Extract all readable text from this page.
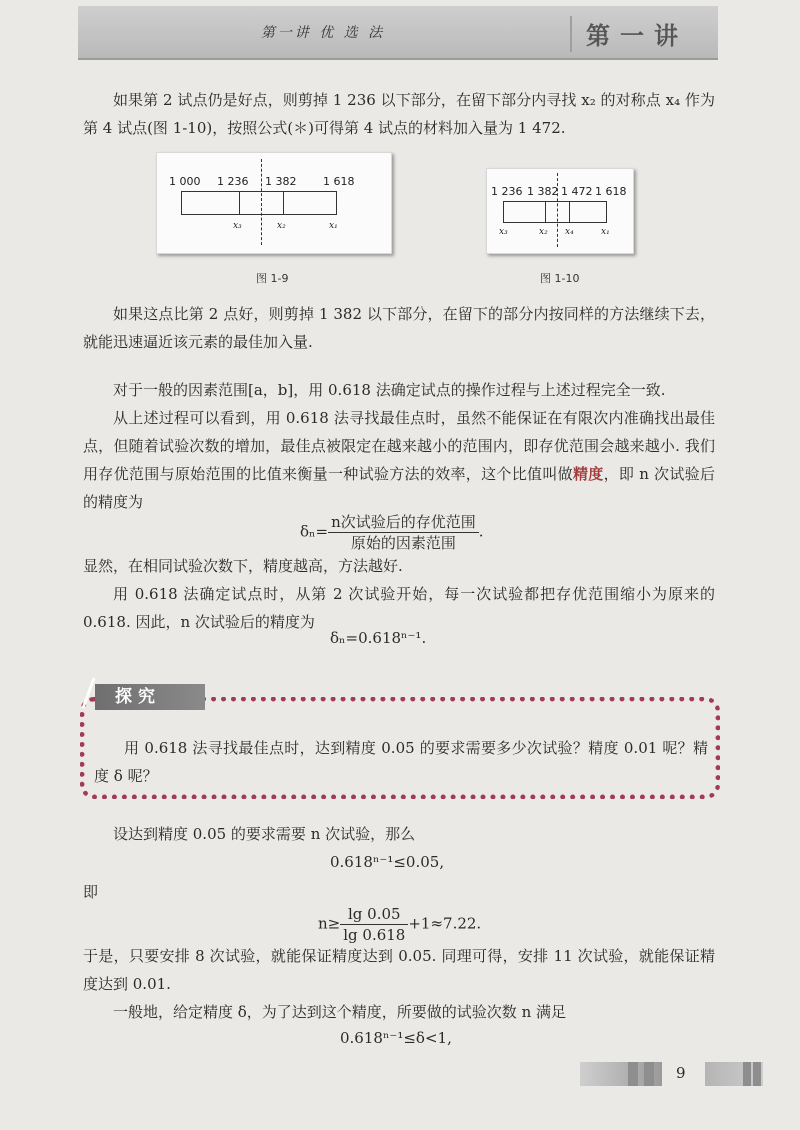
第一讲 优 选 法	第一讲

如果第 2 试点仍是好点，则剪掉 1 236 以下部分，在留下部分内寻找 x₂ 的对称点 x₄ 作为第 4 试点(图 1-10)，按照公式(＊)可得第 4 试点的材料加入量为 1 472.

1 000 1 236 1 382 1 618
x₃	x₂	x₁
图 1-9
1 236 1 382 1 472 1 618
x₃	x₂ x₄	x₁
图 1-10

如果这点比第 2 点好，则剪掉 1 382 以下部分，在留下的部分内按同样的方法继续下去，就能迅速逼近该元素的最佳加入量.

对于一般的因素范围[a，b]，用 0.618 法确定试点的操作过程与上述过程完全一致.

从上述过程可以看到，用 0.618 法寻找最佳点时，虽然不能保证在有限次内准确找出最佳点，但随着试验次数的增加，最佳点被限定在越来越小的范围内，即存优范围会越来越小. 我们用存优范围与原始范围的比值来衡量一种试验方法的效率，这个比值叫做精度，即 n 次试验后的精度为

$\delta_n= \frac{\text{n次试验后的存优范围}}{\text{原始的因素范围}}$ .

显然，在相同试验次数下，精度越高，方法越好.

用 0.618 法确定试点时，从第 2 次试验开始，每一次试验都把存优范围缩小为原来的 0.618. 因此，n 次试验后的精度为

δₙ=0.618ⁿ⁻¹.
探究

用 0.618 法寻找最佳点时，达到精度 0.05 的要求需要多少次试验？精度 0.01 呢？精度 δ 呢？

设达到精度 0.05 的要求需要 n 次试验，那么

0.618ⁿ⁻¹≤0.05,

即

$n\ge \frac{\lg 0.05}{\lg 0.618} +1\approx 7.22$.

于是，只要安排 8 次试验，就能保证精度达到 0.05. 同理可得，安排 11 次试验，就能保证精度达到 0.01.

一般地，给定精度 δ，为了达到这个精度，所要做的试验次数 n 满足

0.618ⁿ⁻¹≤δ<1,
9
